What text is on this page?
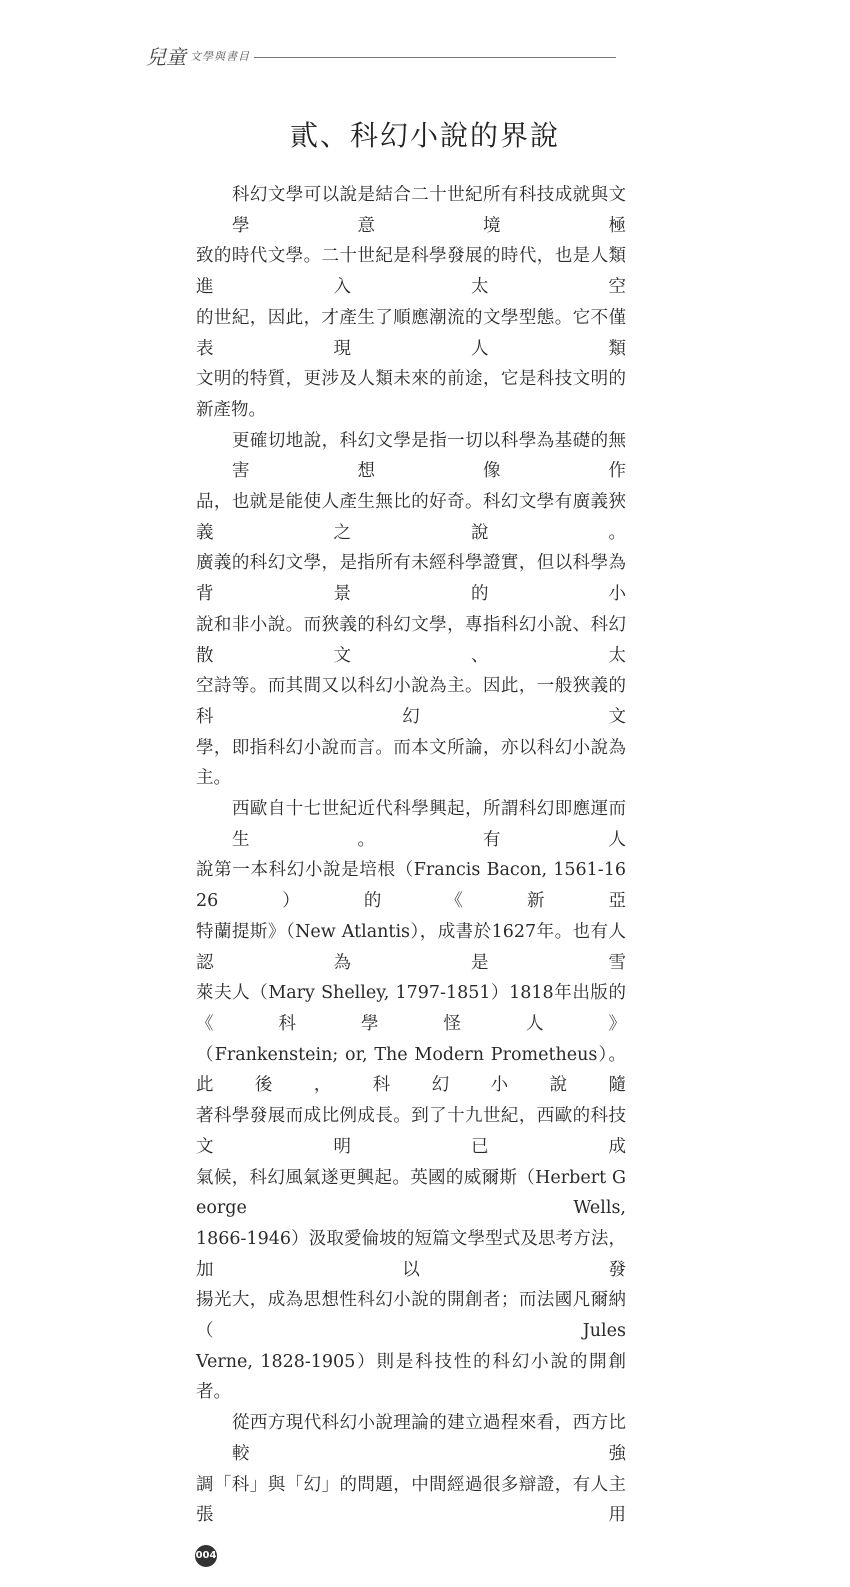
兒童 文學與書目
貳、科幻小說的界說
科幻文學可以說是結合二十世紀所有科技成就與文學意境極
致的時代文學。二十世紀是科學發展的時代，也是人類進入太空
的世紀，因此，才產生了順應潮流的文學型態。它不僅表現人類
文明的特質，更涉及人類未來的前途，它是科技文明的新產物。
更確切地說，科幻文學是指一切以科學為基礎的無害想像作
品，也就是能使人產生無比的好奇。科幻文學有廣義狹義之說。
廣義的科幻文學，是指所有未經科學證實，但以科學為背景的小
說和非小說。而狹義的科幻文學，專指科幻小說、科幻散文、太
空詩等。而其間又以科幻小說為主。因此，一般狹義的科幻文
學，即指科幻小說而言。而本文所論，亦以科幻小說為主。
西歐自十七世紀近代科學興起，所謂科幻即應運而生。有人
說第一本科幻小說是培根（Francis Bacon, 1561-1626）的《新亞
特蘭提斯》（New Atlantis），成書於1627年。也有人認為是雪
萊夫人（Mary Shelley, 1797-1851）1818年出版的《科學怪人》
（Frankenstein; or, The Modern Prometheus）。此後，科幻小說隨
著科學發展而成比例成長。到了十九世紀，西歐的科技文明已成
氣候，科幻風氣遂更興起。英國的威爾斯（Herbert George Wells,
1866-1946）汲取愛倫坡的短篇文學型式及思考方法，加以發
揚光大，成為思想性科幻小說的開創者；而法國凡爾納（Jules
Verne, 1828-1905）則是科技性的科幻小說的開創者。
從西方現代科幻小說理論的建立過程來看，西方比較強
調「科」與「幻」的問題，中間經過很多辯證，有人主張用
004
